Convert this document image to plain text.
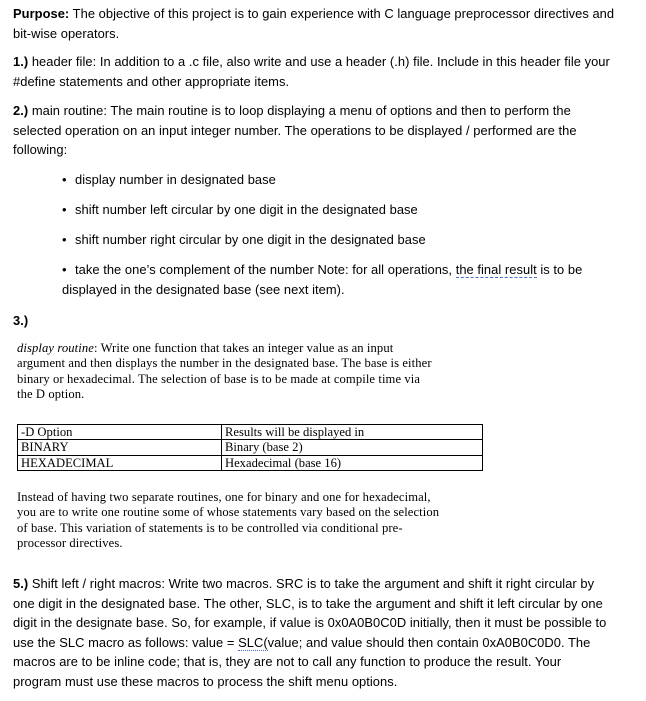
Purpose: The objective of this project is to gain experience with C language preprocessor directives and
bit-wise operators.

1.) header file: In addition to a .c file, also write and use a header (.h) file. Include in this header file your
#define statements and other appropriate items.

2.) main routine: The main routine is to loop displaying a menu of options and then to perform the
selected operation on an input integer number. The operations to be displayed / performed are the
following:

• display number in designated base

• shift number left circular by one digit in the designated base

• shift number right circular by one digit in the designated base

• take the one’s complement of the number Note: for all operations, the final result is to be
displayed in the designated base (see next item).

3.)

display routine: Write one function that takes an integer value as an input
argument and then displays the number in the designated base. The base is either
binary or hexadecimal. The selection of base is to be made at compile time via
the D option.

-D Option	Results will be displayed in
BINARY	Binary (base 2)
HEXADECIMAL	Hexadecimal (base 16)

Instead of having two separate routines, one for binary and one for hexadecimal,
you are to write one routine some of whose statements vary based on the selection
of base. This variation of statements is to be controlled via conditional pre-
processor directives.

5.) Shift left / right macros: Write two macros. SRC is to take the argument and shift it right circular by
one digit in the designated base. The other, SLC, is to take the argument and shift it left circular by one
digit in the designate base. So, for example, if value is 0x0A0B0C0D initially, then it must be possible to
use the SLC macro as follows: value = SLC(value; and value should then contain 0xA0B0C0D0. The
macros are to be inline code; that is, they are not to call any function to produce the result. Your
program must use these macros to process the shift menu options.
